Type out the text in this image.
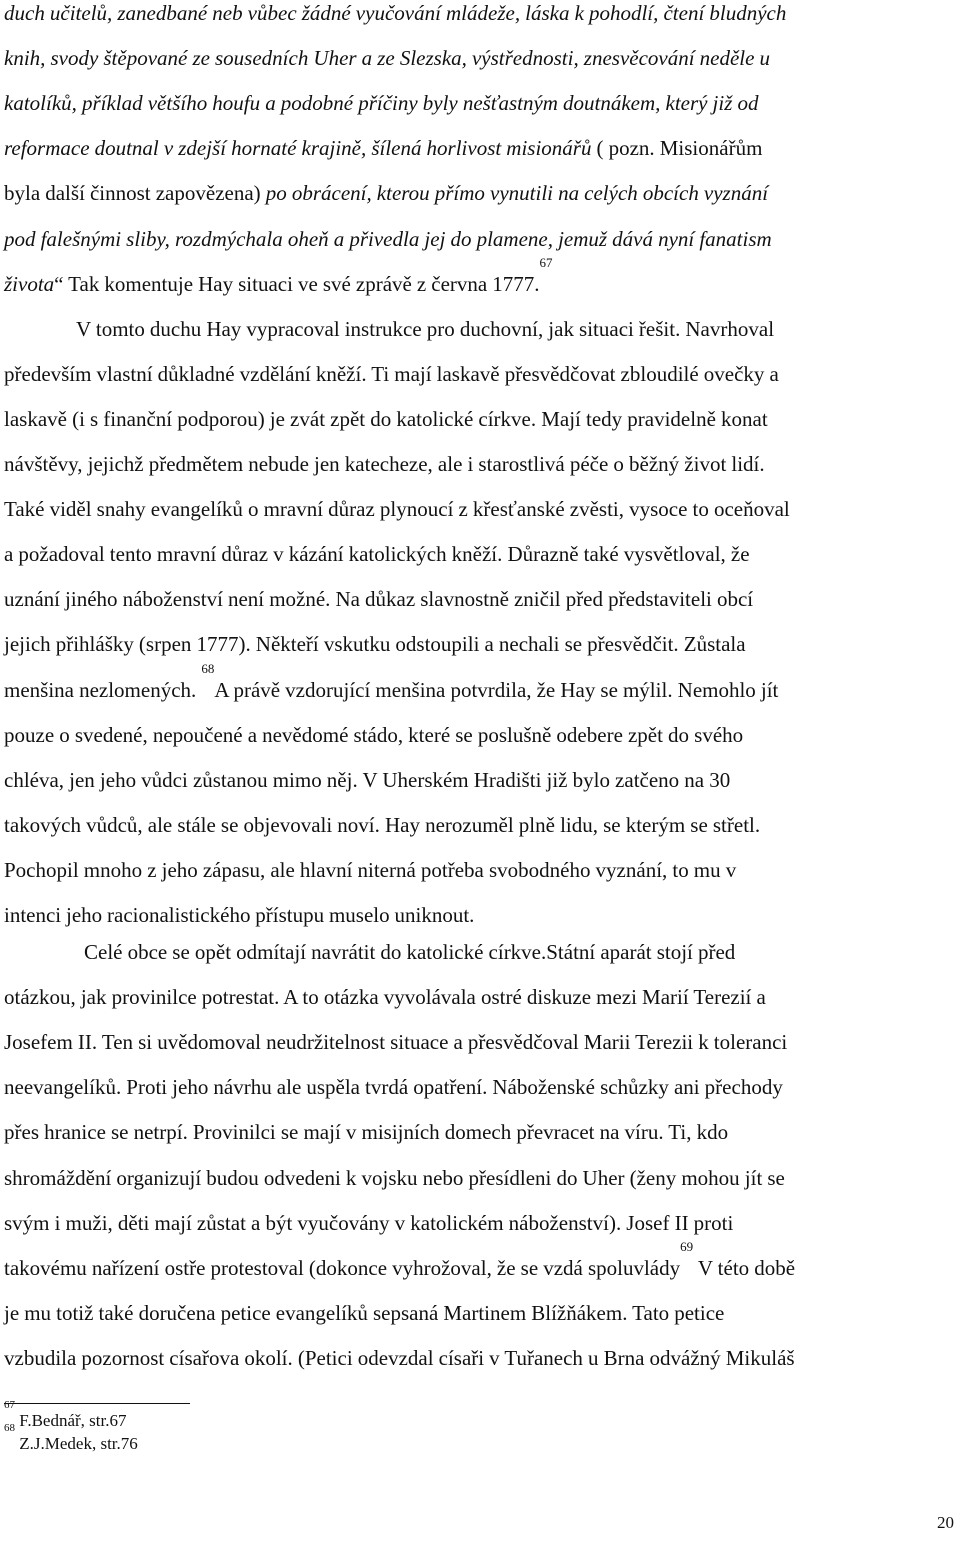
duch učitelů, zanedbané neb vůbec žádné vyučování mládeže, láska k pohodlí, čtení bludných
knih, svody štěpované ze sousedních Uher a ze Slezska, výstřednosti, znesvěcování neděle u
katolíků, příklad většího houfu a podobné příčiny byly nešťastným doutnákem, který již od
reformace doutnal v zdejší hornaté krajině, šílená horlivost misionářů ( pozn. Misionářům
byla další činnost zapovězena) po obrácení, kterou přímo vynutili na celých obcích vyznání
pod falešnými sliby, rozdmýchala oheň a přivedla jej do plamene, jemuž dává nyní fanatism
života“ Tak komentuje Hay situaci ve své zprávě z června 1777.67
V tomto duchu Hay vypracoval instrukce pro duchovní, jak situaci řešit. Navrhoval
především vlastní důkladné vzdělání kněží. Ti mají laskavě přesvědčovat zbloudilé ovečky a
laskavě (i s finanční podporou) je zvát zpět do katolické církve. Mají tedy pravidelně konat
návštěvy, jejichž předmětem nebude jen katecheze, ale i starostlivá péče o běžný život lidí.
Také viděl snahy evangelíků o mravní důraz plynoucí z křesťanské zvěsti, vysoce to oceňoval
a požadoval tento mravní důraz v kázání katolických kněží. Důrazně také vysvětloval, že
uznání jiného náboženství není možné. Na důkaz slavnostně zničil před představiteli obcí
jejich přihlášky (srpen 1777). Někteří vskutku odstoupili a nechali se přesvědčit. Zůstala
menšina nezlomených. $^{68}$A právě vzdorující menšina potvrdila, že Hay se mýlil. Nemohlo jít
pouze o svedené, nepoučené a nevědomé stádo, které se poslušně odebere zpět do svého
chléva, jen jeho vůdci zůstanou mimo něj. V Uherském Hradišti již bylo zatčeno na 30
takových vůdců, ale stále se objevovali noví. Hay nerozuměl plně lidu, se kterým se střetl.
Pochopil mnoho z jeho zápasu, ale hlavní niterná potřeba svobodného vyznání, to mu v
intenci jeho racionalistického přístupu muselo uniknout.
Celé obce se opět odmítají navrátit do katolické církve.Státní aparát stojí před
otázkou, jak provinilce potrestat. A to otázka vyvolávala ostré diskuze mezi Marií Terezií a
Josefem II. Ten si uvědomoval neudržitelnost situace a přesvědčoval Marii Terezii k toleranci
neevangelíků. Proti jeho návrhu ale uspěla tvrdá opatření. Náboženské schůzky ani přechody
přes hranice se netrpí. Provinilci se mají v misijních domech převracet na víru. Ti, kdo
shromáždění organizují budou odvedeni k vojsku nebo přesídleni do Uher (ženy mohou jít se
svým i muži, děti mají zůstat a být vyučovány v katolickém náboženství). Josef II proti
takovému nařízení ostře protestoval (dokonce vyhrožoval, že se vzdá spoluvlády$^{69}$ V této době
je mu totiž také doručena petice evangelíků sepsaná Martinem Blížňákem. Tato petice
vzbudila pozornost císařova okolí. (Petici odevzdal císaři v Tuřanech u Brna odvážný Mikuláš
$^{67}$ F.Bednář, str.67
$^{68}$ Z.J.Medek, str.76
20
